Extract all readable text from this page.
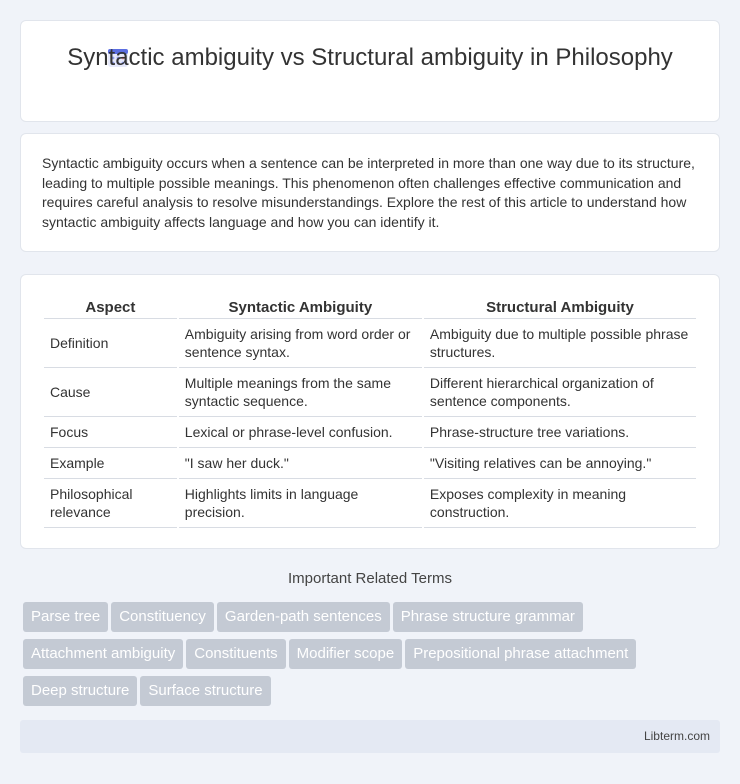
Syntactic ambiguity vs Structural ambiguity in Philosophy

Syntactic ambiguity occurs when a sentence can be interpreted in more than one way due to its structure, leading to multiple possible meanings. This phenomenon often challenges effective communication and requires careful analysis to resolve misunderstandings. Explore the rest of this article to understand how syntactic ambiguity affects language and how you can identify it.

Aspect	Syntactic Ambiguity	Structural Ambiguity
Definition	Ambiguity arising from word order or sentence syntax.	Ambiguity due to multiple possible phrase structures.
Cause	Multiple meanings from the same syntactic sequence.	Different hierarchical organization of sentence components.
Focus	Lexical or phrase-level confusion.	Phrase-structure tree variations.
Example	"I saw her duck."	"Visiting relatives can be annoying."
Philosophical relevance	Highlights limits in language precision.	Exposes complexity in meaning construction.
Important Related Terms
Parse tree Constituency Garden-path sentences Phrase structure grammar
Attachment ambiguity Constituents Modifier scope Prepositional phrase attachment
Deep structure Surface structure
Libterm.com
